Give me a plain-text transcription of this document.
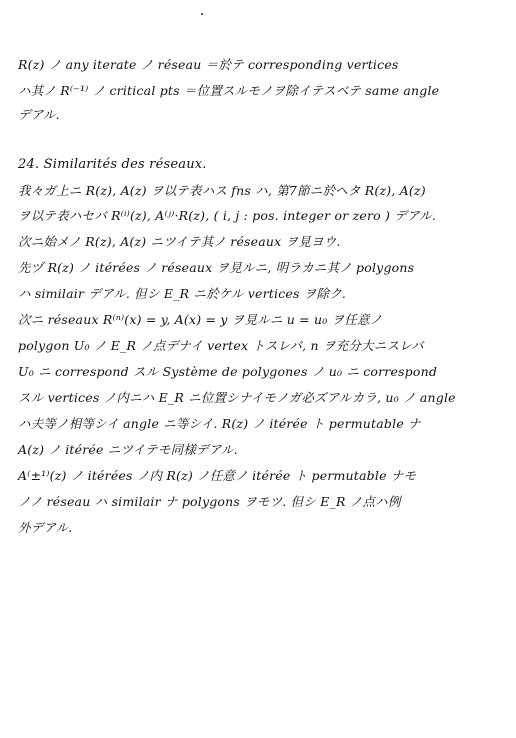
R(z) ノ any iterate ノ réseau ＝於テ corresponding vertices
ハ其ノ R⁽⁻¹⁾ ノ critical pts ＝位置スルモノヲ除イテスベテ same angle
デアル.
24. Similarités des réseaux.
我々ガ上ニ R(z), A(z) ヲ以テ表ハス fns ハ, 第7節ニ於ヘタ R(z), A(z)
ヲ以テ表ハセバ R⁽ⁱ⁾(z), A⁽ʲ⁾·R(z), ( i, j : pos. integer or zero ) デアル.
次ニ始メノ R(z), A(z) ニツイテ其ノ réseaux ヲ見ヨウ.
先ヅ R(z) ノ itérées ノ réseaux ヲ見ルニ, 明ラカニ其ノ polygons
ハ similair デアル. 但シ E_R ニ於ケル vertices ヲ除ク.
次ニ réseaux R⁽ⁿ⁾(x) = y, A(x) = y ヲ見ルニ u = u₀ ヲ任意ノ
polygon U₀ ノ E_R ノ点デナイ vertex トスレバ, n ヲ充分大ニスレバ
U₀ ニ correspond スル Système de polygones ノ u₀ ニ correspond
スル vertices ノ内ニハ E_R ニ位置シナイモノガ必ズアルカラ, u₀ ノ angle
ハ夫等ノ相等シイ angle ニ等シイ. R(z) ノ itérée ト permutable ナ
A(z) ノ itérée ニツイテモ同様デアル.
A⁽±¹⁾(z) ノ itérées ノ内 R(z) ノ任意ノ itérée ト permutable ナモ
ノノ réseau ハ similair ナ polygons ヲモツ. 但シ E_R ノ点ハ例
外デアル.
